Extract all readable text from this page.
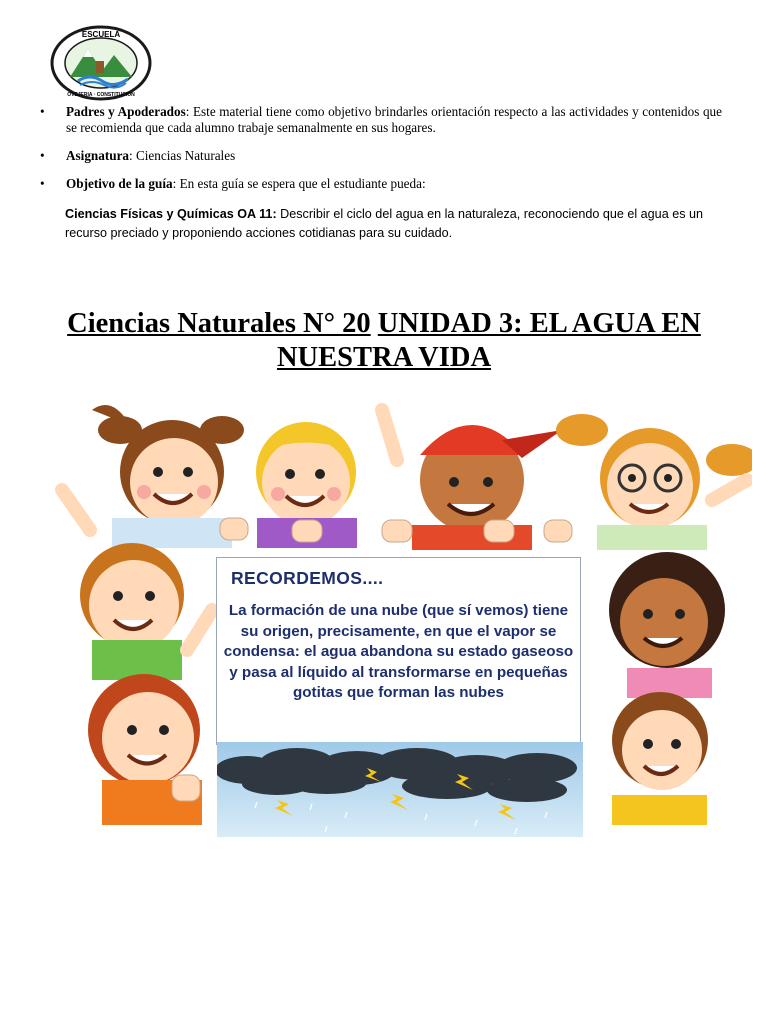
ESCUELA
OVEJERIA · CONSTITUCION
• Padres y Apoderados: Este material tiene como objetivo brindarles orientación respecto a las actividades y contenidos que se recomienda que cada alumno trabaje semanalmente en sus hogares.
• Asignatura: Ciencias Naturales
• Objetivo de la guía: En esta guía se espera que el estudiante pueda:
Ciencias Físicas y Químicas OA 11: Describir el ciclo del agua en la naturaleza, reconociendo que el agua es un recurso preciado y proponiendo acciones cotidianas para su cuidado.
Ciencias Naturales N° 20 UNIDAD 3: EL AGUA EN NUESTRA VIDA
RECORDEMOS....
La formación de una nube (que sí vemos) tiene su origen, precisamente, en que el vapor se condensa: el agua abandona su estado gaseoso y pasa al líquido al transformarse en pequeñas gotitas que forman las nubes
